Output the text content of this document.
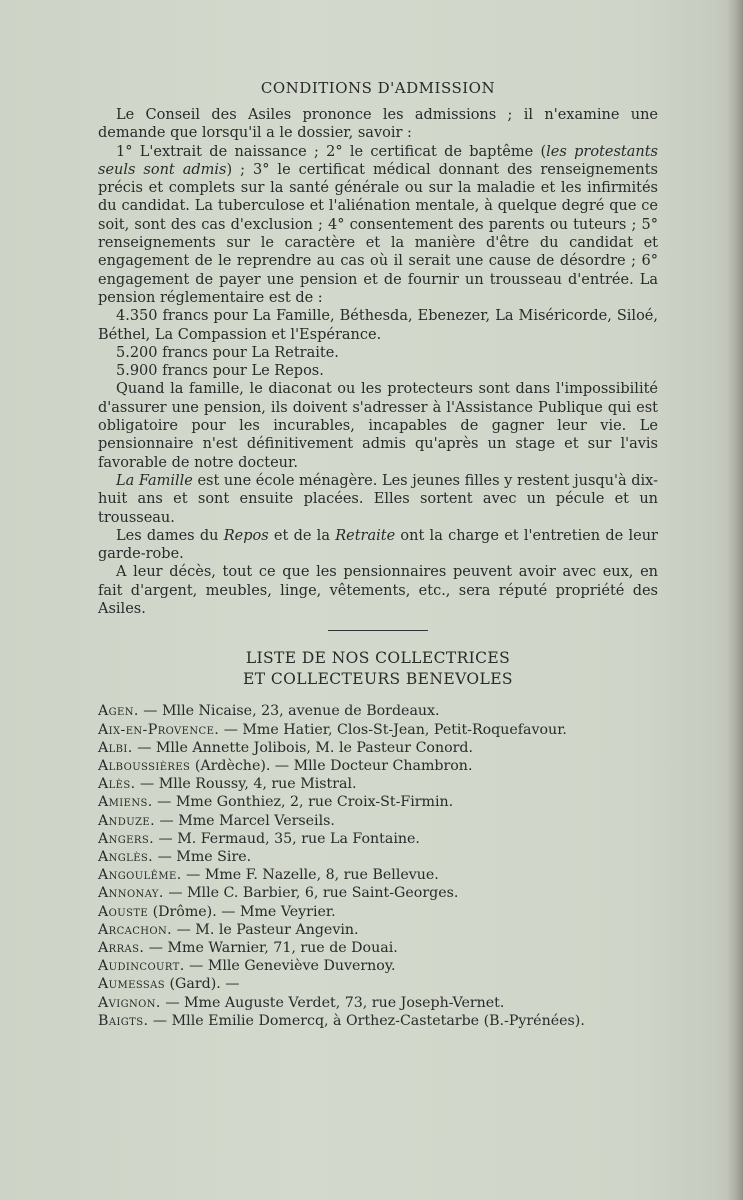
CONDITIONS D'ADMISSION

Le Conseil des Asiles prononce les admissions ; il n'examine une demande que lorsqu'il a le dossier, savoir :

1° L'extrait de naissance ; 2° le certificat de baptême (les protestants seuls sont admis) ; 3° le certificat médical donnant des renseignements précis et complets sur la santé générale ou sur la maladie et les infirmités du candidat. La tuberculose et l'aliénation mentale, à quelque degré que ce soit, sont des cas d'exclusion ; 4° consentement des parents ou tuteurs ; 5° renseignements sur le caractère et la manière d'être du candidat et engagement de le reprendre au cas où il serait une cause de désordre ; 6° engagement de payer une pension et de fournir un trousseau d'entrée. La pension réglementaire est de :

4.350 francs pour La Famille, Béthesda, Ebenezer, La Miséricorde, Siloé, Béthel, La Compassion et l'Espérance.

5.200 francs pour La Retraite.

5.900 francs pour Le Repos.

Quand la famille, le diaconat ou les protecteurs sont dans l'impossibilité d'assurer une pension, ils doivent s'adresser à l'Assistance Publique qui est obligatoire pour les incurables, incapables de gagner leur vie. Le pensionnaire n'est définitivement admis qu'après un stage et sur l'avis favorable de notre docteur.

La Famille est une école ménagère. Les jeunes filles y restent jusqu'à dix-huit ans et sont ensuite placées. Elles sortent avec un pécule et un trousseau.

Les dames du Repos et de la Retraite ont la charge et l'entretien de leur garde-robe.

A leur décès, tout ce que les pensionnaires peuvent avoir avec eux, en fait d'argent, meubles, linge, vêtements, etc., sera réputé propriété des Asiles.

LISTE DE NOS COLLECTRICES
ET COLLECTEURS BENEVOLES
Agen. — Mlle Nicaise, 23, avenue de Bordeaux.
Aix-en-Provence. — Mme Hatier, Clos-St-Jean, Petit-Roquefavour.
Albi. — Mlle Annette Jolibois, M. le Pasteur Conord.
Alboussières (Ardèche). — Mlle Docteur Chambron.
Alès. — Mlle Roussy, 4, rue Mistral.
Amiens. — Mme Gonthiez, 2, rue Croix-St-Firmin.
Anduze. — Mme Marcel Verseils.
Angers. — M. Fermaud, 35, rue La Fontaine.
Anglès. — Mme Sire.
Angoulême. — Mme F. Nazelle, 8, rue Bellevue.
Annonay. — Mlle C. Barbier, 6, rue Saint-Georges.
Aouste (Drôme). — Mme Veyrier.
Arcachon. — M. le Pasteur Angevin.
Arras. — Mme Warnier, 71, rue de Douai.
Audincourt. — Mlle Geneviève Duvernoy.
Aumessas (Gard). —
Avignon. — Mme Auguste Verdet, 73, rue Joseph-Vernet.
Baigts. — Mlle Emilie Domercq, à Orthez-Castetarbe (B.-Pyrénées).
